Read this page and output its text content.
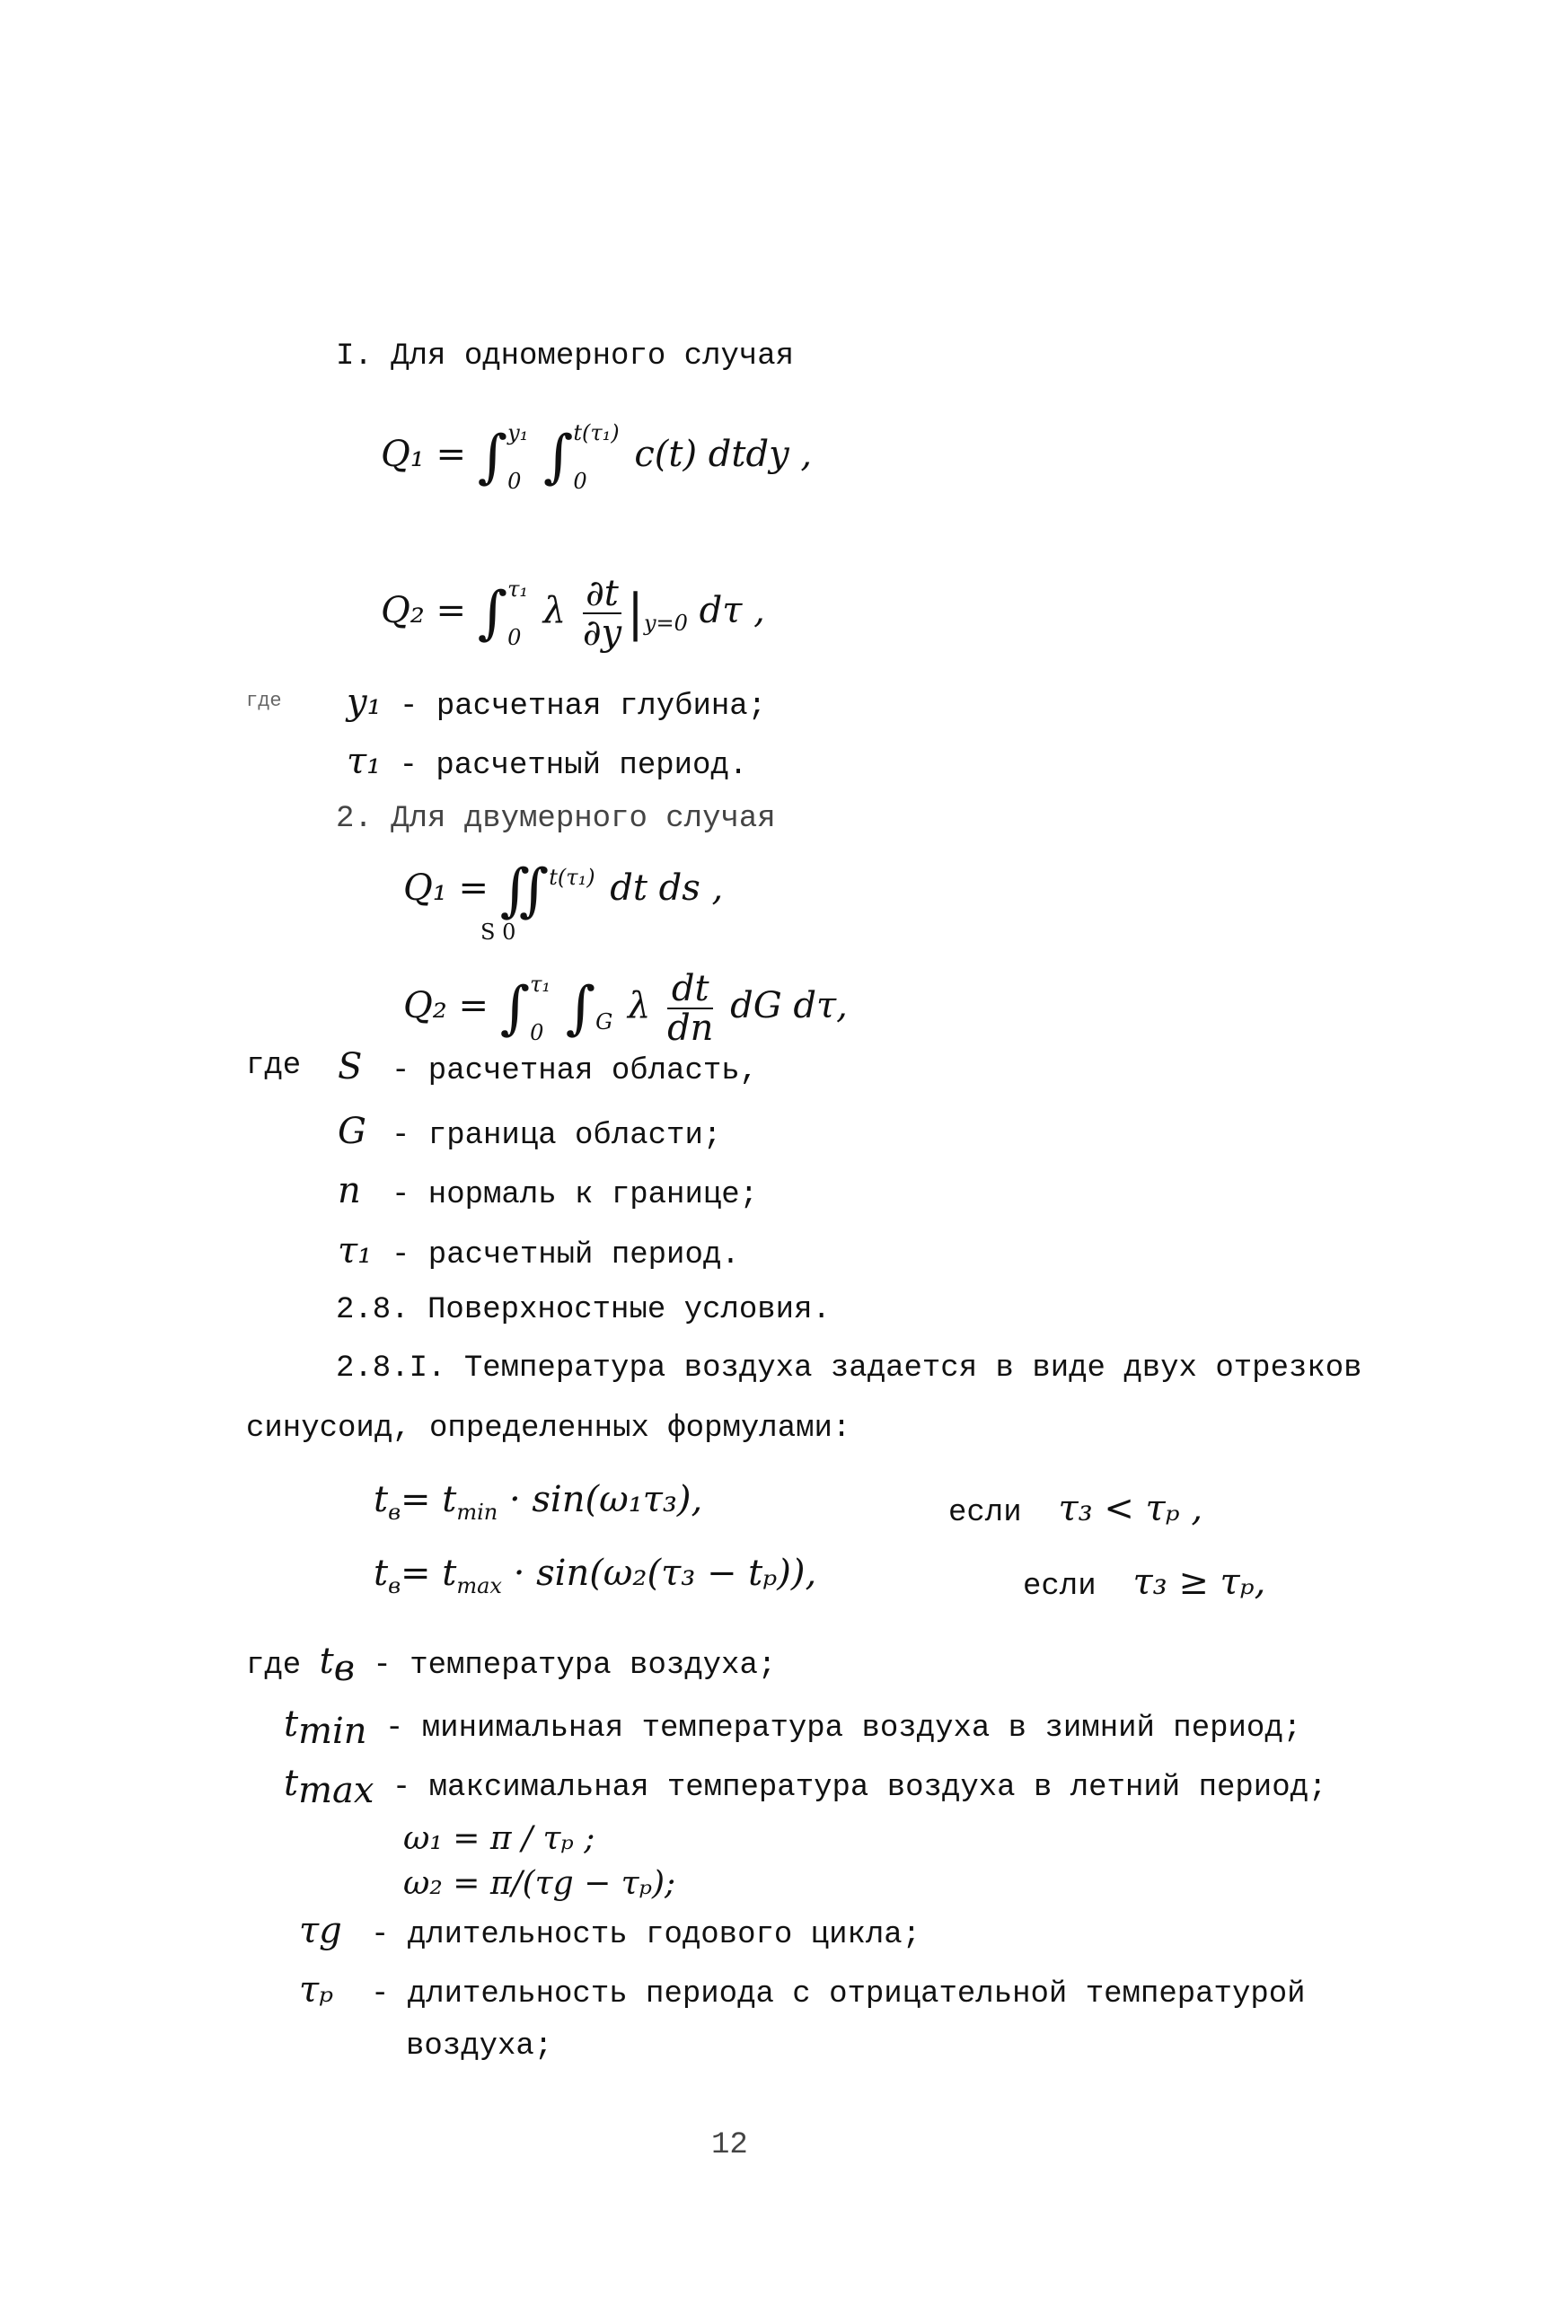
I. Для одномерного случая
Q₁ = ∫ y₁
0 ∫ t(τ₁)
0
c(t) dtdy ,
Q₂ = ∫ τ₁
0
λ $\frac{\partial t}{\partial y} |_{y=0}$ dτ ,
где y₁ - расчетная глубина;
τ₁ - расчетный период.
2. Для двумерного случая
Q₁ = ∬ t(τ₁) dt ds ,
S 0
Q₂ = ∫ τ₁
0 ∫ G λ $\frac{dt}{dn}$ dG dτ,
где S - расчетная область,
G - граница области;
n - нормаль к границе;
τ₁ - расчетный период.
2.8. Поверхностные условия.
2.8.I. Температура воздуха задается в виде двух отрезков
синусоид, определенных формулами:
$t_в= t_{min} \cdot \sin(\omega_1\tau_3)$,	если τ₃ < τₚ ,
$t_в= t_{max} \cdot \sin(\omega_2(\tau_3 - t_p))$,	если τ₃ ≥ τₚ,
где $t_в$ - температура воздуха;
$t_{min}$ - минимальная температура воздуха в зимний период;
$t_{max}$ - максимальная температура воздуха в летний период;
ω₁ = π / τₚ ;
ω₂ = π/(τg − τₚ);
τg - длительность годового цикла;
τₚ - длительность периода с отрицательной температурой
воздуха;
12
